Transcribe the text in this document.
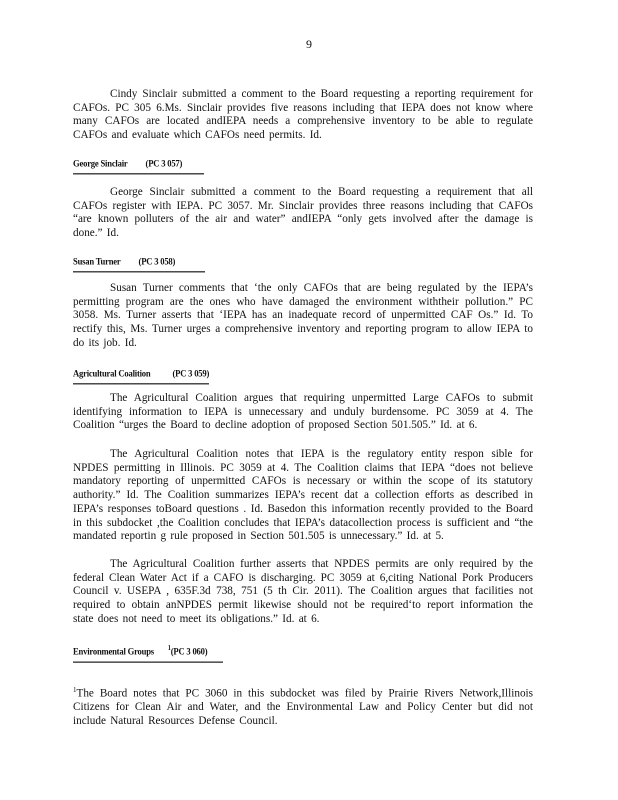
9

Cindy Sinclair submitted a comment to the Board requesting a reporting requirement for CAFOs. PC 305 6.Ms. Sinclair provides five reasons including that IEPA does not know where many CAFOs are located andIEPA needs a comprehensive inventory to be able to regulate CAFOs and evaluate which CAFOs need permits. Id.

George Sinclair (PC 3 057)

George Sinclair submitted a comment to the Board requesting a requirement that all CAFOs register with IEPA. PC 3057. Mr. Sinclair provides three reasons including that CAFOs “are known polluters of the air and water” andIEPA “only gets involved after the damage is done.” Id.

Susan Turner (PC 3 058)

Susan Turner comments that ‘the only CAFOs that are being regulated by the IEPA’s permitting program are the ones who have damaged the environment withtheir pollution.” PC 3058. Ms. Turner asserts that ‘IEPA has an inadequate record of unpermitted CAF Os.” Id. To rectify this, Ms. Turner urges a comprehensive inventory and reporting program to allow IEPA to do its job. Id.

Agricultural Coalition	(PC 3 059)

The Agricultural Coalition argues that requiring unpermitted Large CAFOs to submit identifying information to IEPA is unnecessary and unduly burdensome. PC 3059 at 4. The Coalition “urges the Board to decline adoption of proposed Section 501.505.” Id. at 6.

The Agricultural Coalition notes that IEPA is the regulatory entity respon sible for NPDES permitting in Illinois. PC 3059 at 4. The Coalition claims that IEPA “does not believe mandatory reporting of unpermitted CAFOs is necessary or within the scope of its statutory authority.” Id. The Coalition summarizes IEPA’s recent dat a collection efforts as described in IEPA’s responses toBoard questions . Id. Basedon this information recently provided to the Board in this subdocket ,the Coalition concludes that IEPA’s datacollection process is sufficient and “the mandated reportin g rule proposed in Section 501.505 is unnecessary.” Id. at 5.

The Agricultural Coalition further asserts that NPDES permits are only required by the federal Clean Water Act if a CAFO is discharging. PC 3059 at 6,citing National Pork Producers Council v. USEPA , 635F.3d 738, 751 (5 th Cir. 2011). The Coalition argues that facilities not required to obtain anNPDES permit likewise should not be required‘to report information the state does not need to meet its obligations.” Id. at 6.

Environmental Groups $^1$(PC 3 060)
$^1$The Board notes that PC 3060 in this subdocket was filed by Prairie Rivers Network,Illinois Citizens for Clean Air and Water, and the Environmental Law and Policy Center but did not include Natural Resources Defense Council.
